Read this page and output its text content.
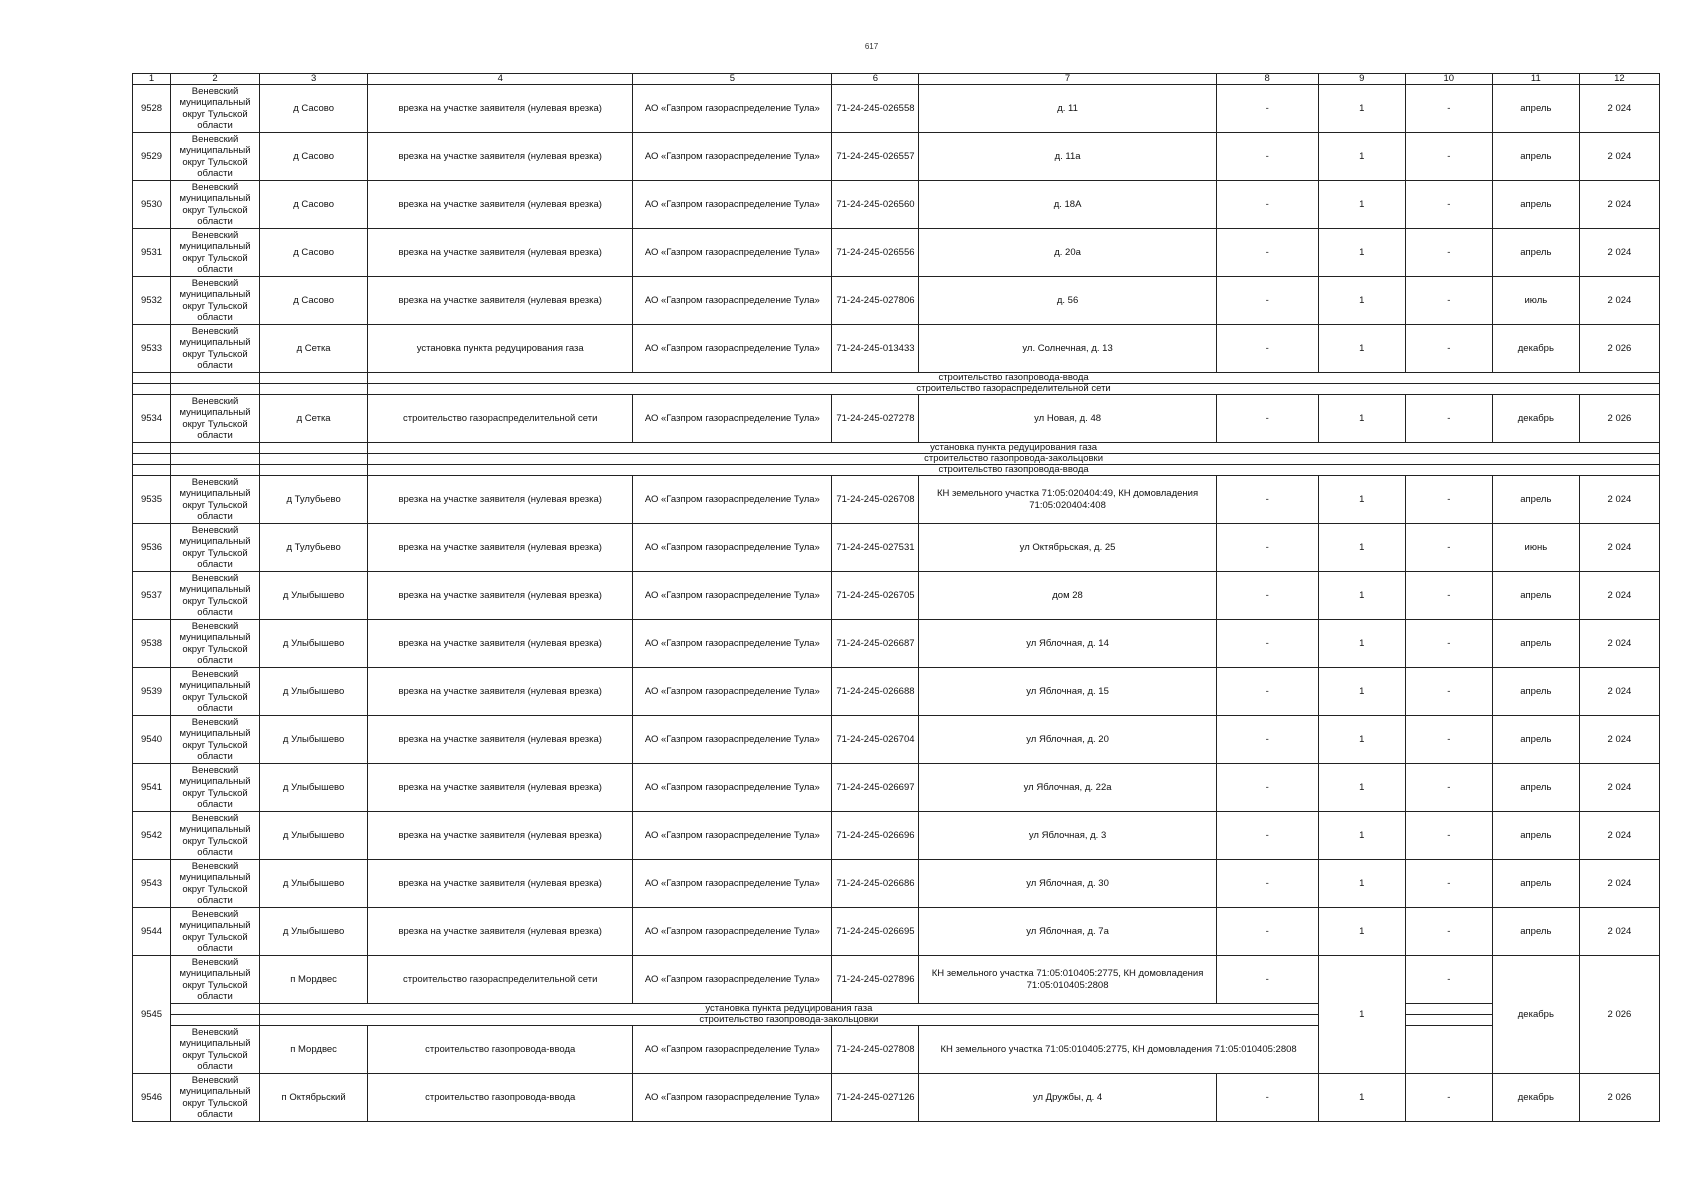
617
1	2	3	4	5	6	7	8	9	10	11	12
9528	Веневский муниципальный округ Тульской области	д Сасово	врезка на участке заявителя (нулевая врезка)	АО «Газпром газораспределение Тула»	71-24-245-026558	д. 11	-	1	-	апрель	2 024
9529	Веневский муниципальный округ Тульской области	д Сасово	врезка на участке заявителя (нулевая врезка)	АО «Газпром газораспределение Тула»	71-24-245-026557	д. 11а	-	1	-	апрель	2 024
9530	Веневский муниципальный округ Тульской области	д Сасово	врезка на участке заявителя (нулевая врезка)	АО «Газпром газораспределение Тула»	71-24-245-026560	д. 18А	-	1	-	апрель	2 024
9531	Веневский муниципальный округ Тульской области	д Сасово	врезка на участке заявителя (нулевая врезка)	АО «Газпром газораспределение Тула»	71-24-245-026556	д. 20а	-	1	-	апрель	2 024
9532	Веневский муниципальный округ Тульской области	д Сасово	врезка на участке заявителя (нулевая врезка)	АО «Газпром газораспределение Тула»	71-24-245-027806	д. 56	-	1	-	июль	2 024
9533	Веневский муниципальный округ Тульской области	д Сетка	установка пункта редуцирования газа	АО «Газпром газораспределение Тула»	71-24-245-013433	ул. Солнечная, д. 13	-	1	-	декабрь	2 026
			строительство газопровода-ввода								
			строительство газораспределительной сети								
9534	Веневский муниципальный округ Тульской области	д Сетка	строительство газораспределительной сети	АО «Газпром газораспределение Тула»	71-24-245-027278	ул Новая, д. 48	-	1	-	декабрь	2 026
			установка пункта редуцирования газа								
			строительство газопровода-закольцовки								
			строительство газопровода-ввода								
9535	Веневский муниципальный округ Тульской области	д Тулубьево	врезка на участке заявителя (нулевая врезка)	АО «Газпром газораспределение Тула»	71-24-245-026708	КН земельного участка 71:05:020404:49, КН домовладения 71:05:020404:408	-	1	-	апрель	2 024
9536	Веневский муниципальный округ Тульской области	д Тулубьево	врезка на участке заявителя (нулевая врезка)	АО «Газпром газораспределение Тула»	71-24-245-027531	ул Октябрьская, д. 25	-	1	-	июнь	2 024
9537	Веневский муниципальный округ Тульской области	д Улыбышево	врезка на участке заявителя (нулевая врезка)	АО «Газпром газораспределение Тула»	71-24-245-026705	дом 28	-	1	-	апрель	2 024
9538	Веневский муниципальный округ Тульской области	д Улыбышево	врезка на участке заявителя (нулевая врезка)	АО «Газпром газораспределение Тула»	71-24-245-026687	ул Яблочная, д. 14	-	1	-	апрель	2 024
9539	Веневский муниципальный округ Тульской области	д Улыбышево	врезка на участке заявителя (нулевая врезка)	АО «Газпром газораспределение Тула»	71-24-245-026688	ул Яблочная, д. 15	-	1	-	апрель	2 024
9540	Веневский муниципальный округ Тульской области	д Улыбышево	врезка на участке заявителя (нулевая врезка)	АО «Газпром газораспределение Тула»	71-24-245-026704	ул Яблочная, д. 20	-	1	-	апрель	2 024
9541	Веневский муниципальный округ Тульской области	д Улыбышево	врезка на участке заявителя (нулевая врезка)	АО «Газпром газораспределение Тула»	71-24-245-026697	ул Яблочная, д. 22а	-	1	-	апрель	2 024
9542	Веневский муниципальный округ Тульской области	д Улыбышево	врезка на участке заявителя (нулевая врезка)	АО «Газпром газораспределение Тула»	71-24-245-026696	ул Яблочная, д. 3	-	1	-	апрель	2 024
9543	Веневский муниципальный округ Тульской области	д Улыбышево	врезка на участке заявителя (нулевая врезка)	АО «Газпром газораспределение Тула»	71-24-245-026686	ул Яблочная, д. 30	-	1	-	апрель	2 024
9544	Веневский муниципальный округ Тульской области	д Улыбышево	врезка на участке заявителя (нулевая врезка)	АО «Газпром газораспределение Тула»	71-24-245-026695	ул Яблочная, д. 7а	-	1	-	апрель	2 024
9545	Веневский муниципальный округ Тульской области	п Мордвес	строительство газораспределительной сети	АО «Газпром газораспределение Тула»	71-24-245-027896	КН земельного участка 71:05:010405:2775, КН домовладения 71:05:010405:2808	-	1	-	декабрь	2 026
		установка пункта редуцирования газа									
		строительство газопровода-закольцовки									
	Веневский муниципальный округ Тульской области	п Мордвес	строительство газопровода-ввода	АО «Газпром газораспределение Тула»	71-24-245-027808	КН земельного участка 71:05:010405:2775, КН домовладения 71:05:010405:2808					
9546	Веневский муниципальный округ Тульской области	п Октябрьский	строительство газопровода-ввода	АО «Газпром газораспределение Тула»	71-24-245-027126	ул Дружбы, д. 4	-	1	-	декабрь	2 026
